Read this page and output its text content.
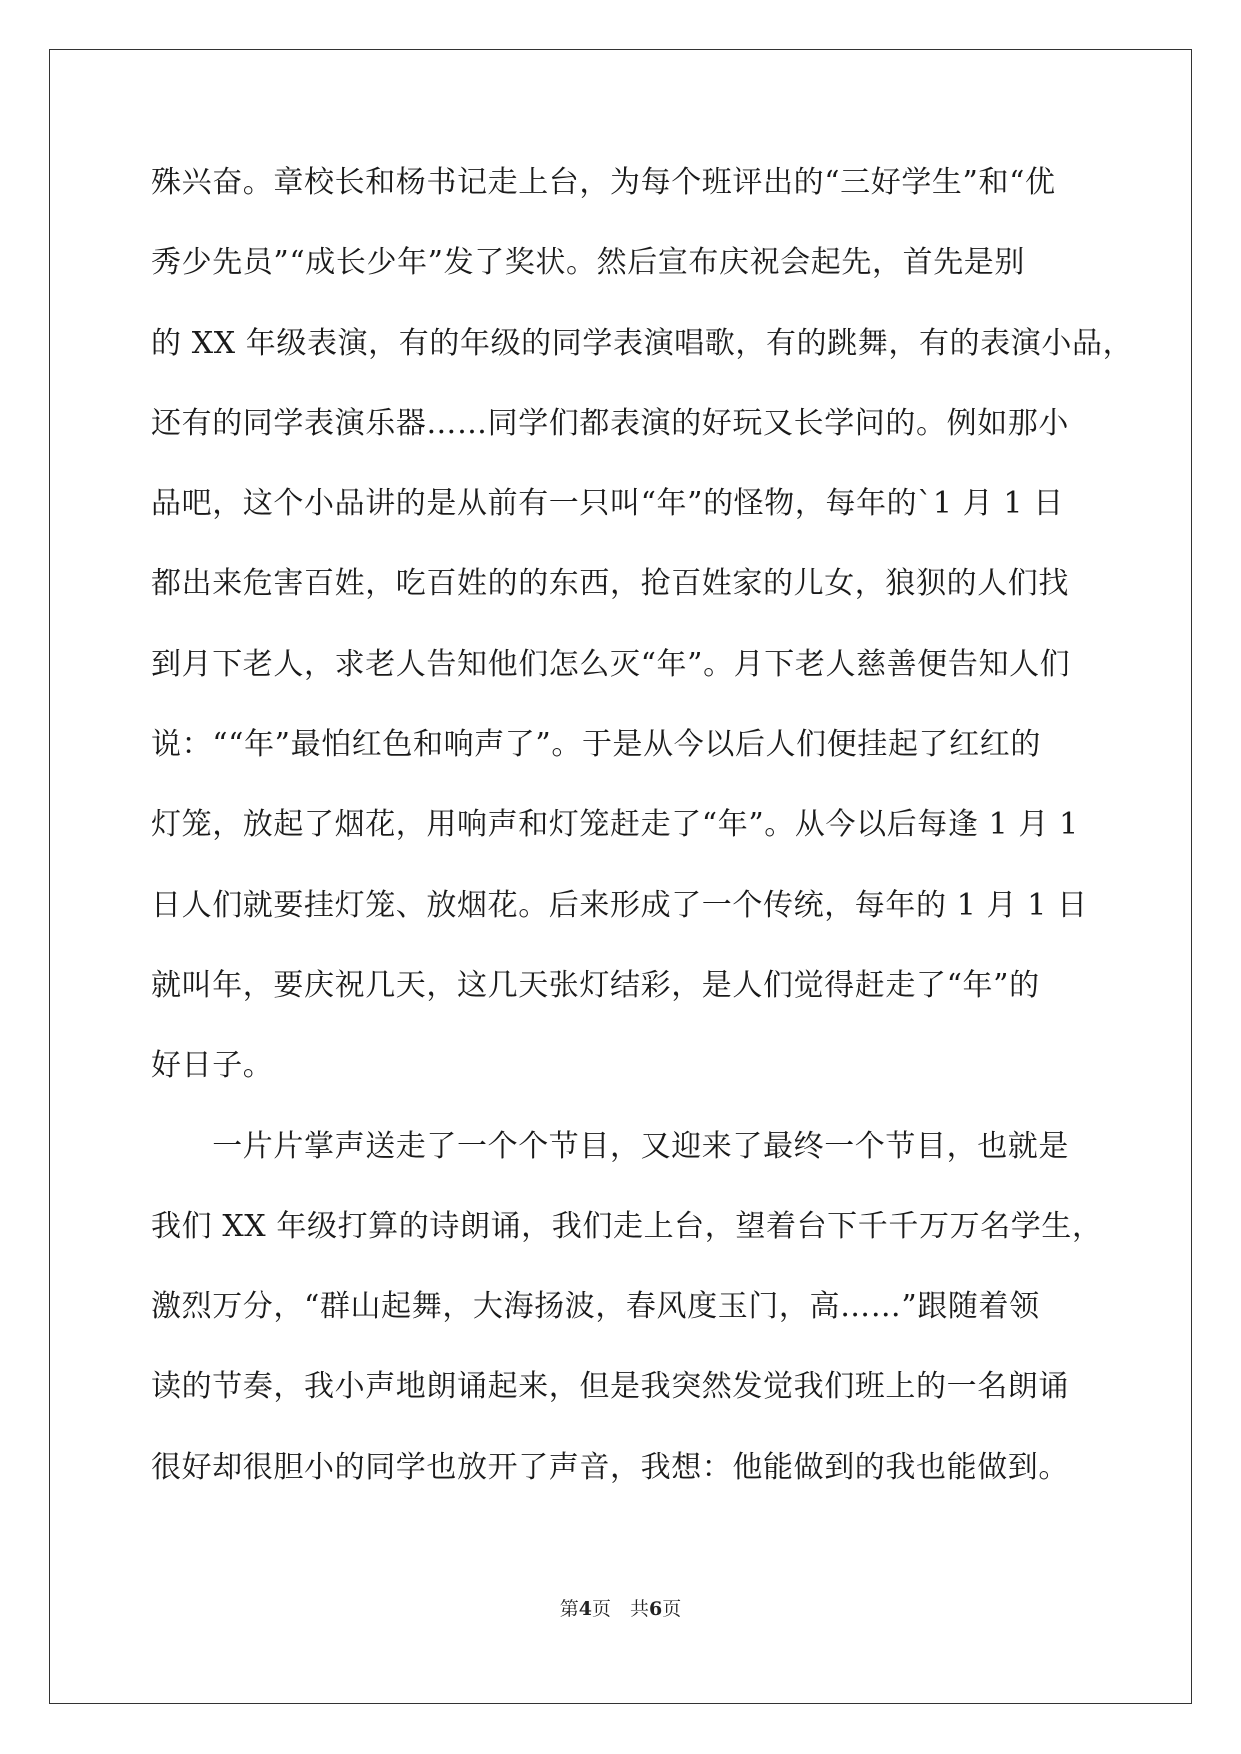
殊兴奋。章校长和杨书记走上台，为每个班评出的“三好学生”和“优
秀少先员”“成长少年”发了奖状。然后宣布庆祝会起先，首先是别
的 XX 年级表演，有的年级的同学表演唱歌，有的跳舞，有的表演小品，
还有的同学表演乐器……同学们都表演的好玩又长学问的。例如那小
品吧，这个小品讲的是从前有一只叫“年”的怪物，每年的`1 月 1 日
都出来危害百姓，吃百姓的的东西，抢百姓家的儿女，狼狈的人们找
到月下老人，求老人告知他们怎么灭“年”。月下老人慈善便告知人们
说：““年”最怕红色和响声了”。于是从今以后人们便挂起了红红的
灯笼，放起了烟花，用响声和灯笼赶走了“年”。从今以后每逢 1 月 1
日人们就要挂灯笼、放烟花。后来形成了一个传统，每年的 1 月 1 日
就叫年，要庆祝几天，这几天张灯结彩，是人们觉得赶走了“年”的
好日子。
　　一片片掌声送走了一个个节目，又迎来了最终一个节目，也就是
我们 XX 年级打算的诗朗诵，我们走上台，望着台下千千万万名学生，
激烈万分，“群山起舞，大海扬波，春风度玉门，高……”跟随着领
读的节奏，我小声地朗诵起来，但是我突然发觉我们班上的一名朗诵
很好却很胆小的同学也放开了声音，我想：他能做到的我也能做到。
第4页　共6页
